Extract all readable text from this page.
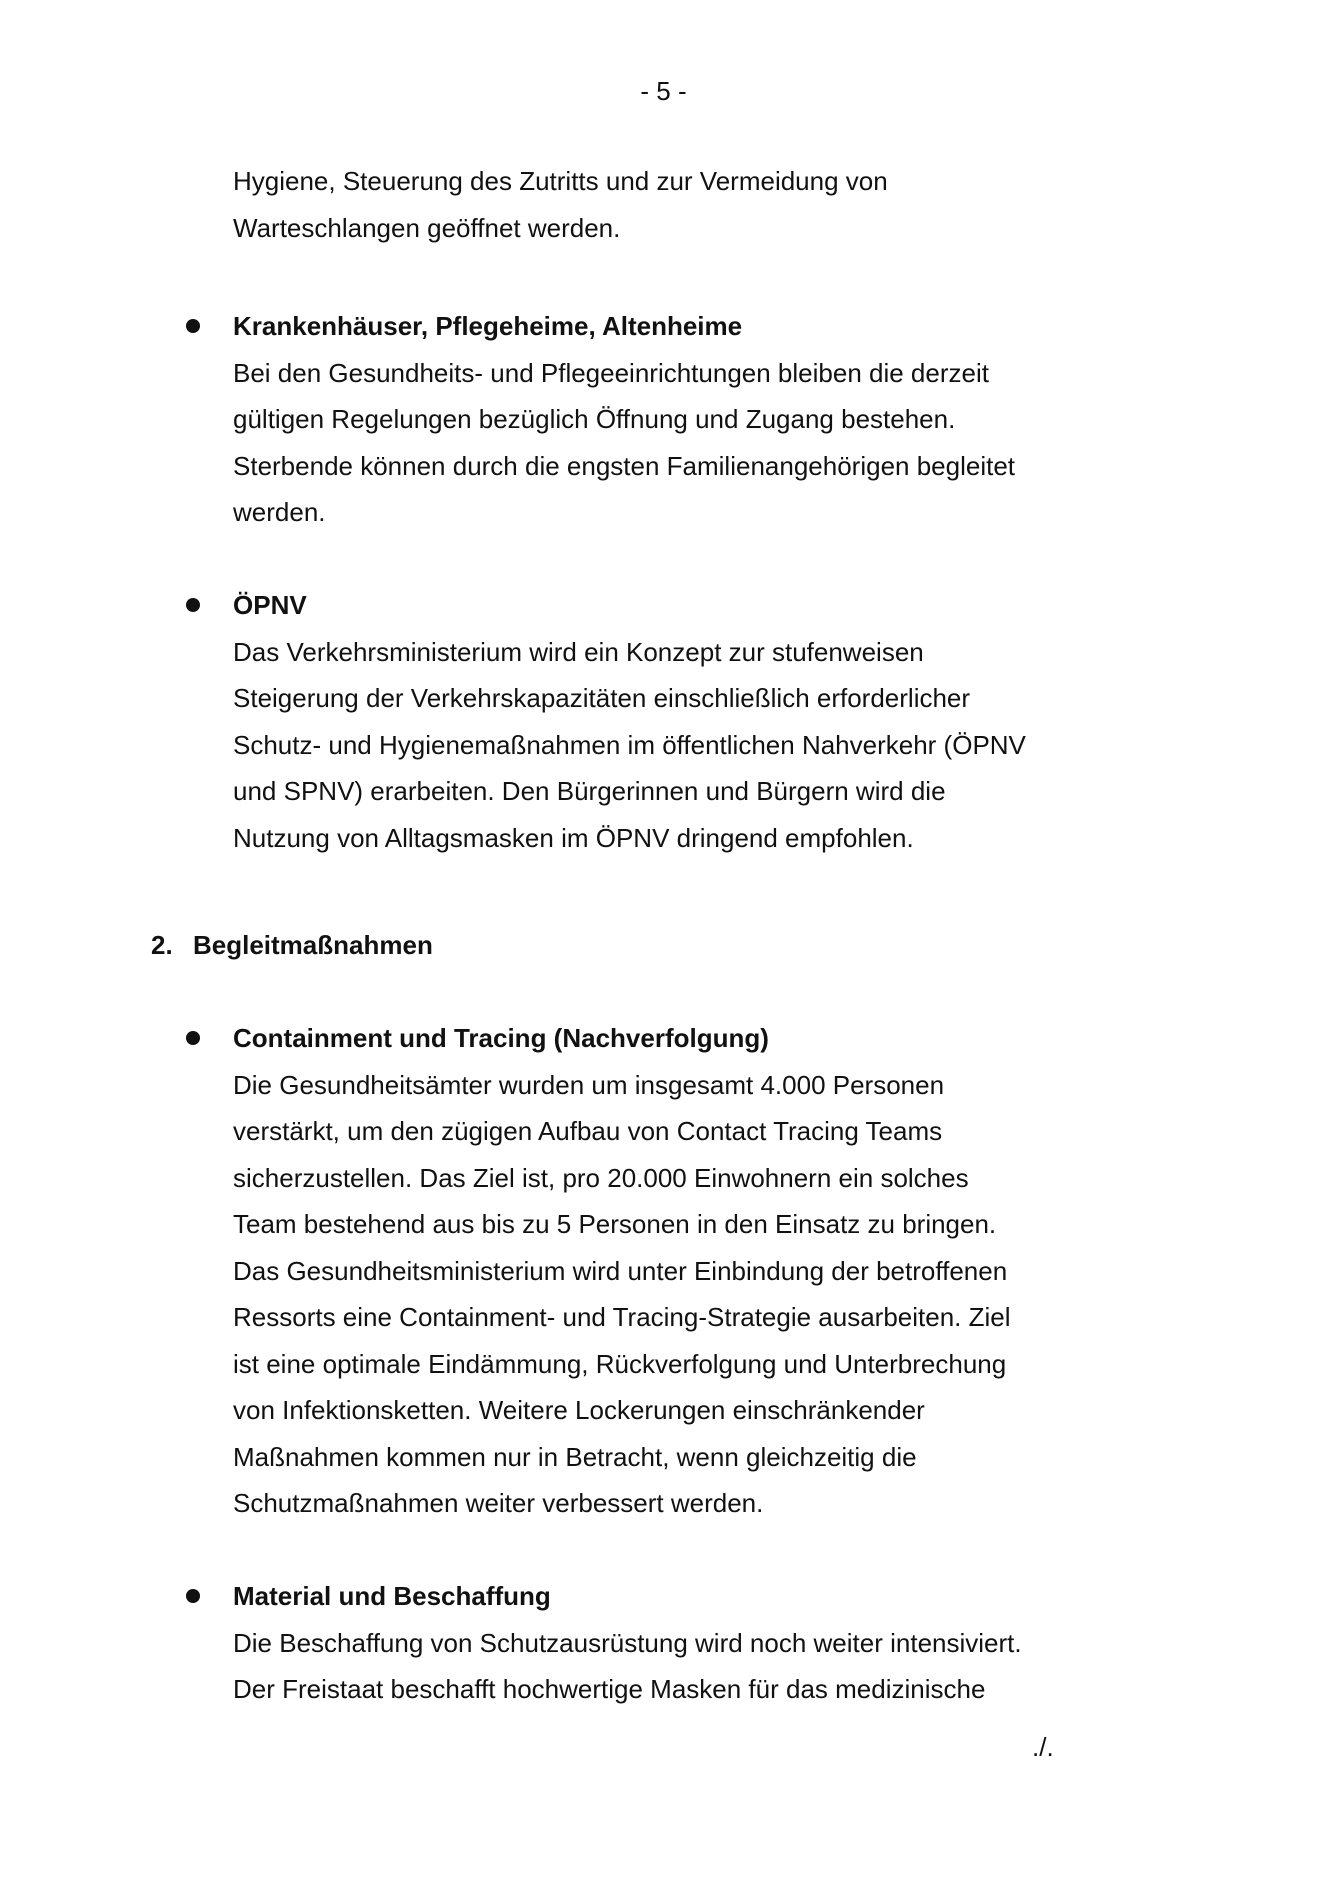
- 5 -
Hygiene, Steuerung des Zutritts und zur Vermeidung von
Warteschlangen geöffnet werden.
Krankenhäuser, Pflegeheime, Altenheime
Bei den Gesundheits- und Pflegeeinrichtungen bleiben die derzeit
gültigen Regelungen bezüglich Öffnung und Zugang bestehen.
Sterbende können durch die engsten Familienangehörigen begleitet
werden.
ÖPNV
Das Verkehrsministerium wird ein Konzept zur stufenweisen
Steigerung der Verkehrskapazitäten einschließlich erforderlicher
Schutz- und Hygienemaßnahmen im öffentlichen Nahverkehr (ÖPNV
und SPNV) erarbeiten. Den Bürgerinnen und Bürgern wird die
Nutzung von Alltagsmasken im ÖPNV dringend empfohlen.
2. Begleitmaßnahmen
Containment und Tracing (Nachverfolgung)
Die Gesundheitsämter wurden um insgesamt 4.000 Personen
verstärkt, um den zügigen Aufbau von Contact Tracing Teams
sicherzustellen. Das Ziel ist, pro 20.000 Einwohnern ein solches
Team bestehend aus bis zu 5 Personen in den Einsatz zu bringen.
Das Gesundheitsministerium wird unter Einbindung der betroffenen
Ressorts eine Containment- und Tracing-Strategie ausarbeiten. Ziel
ist eine optimale Eindämmung, Rückverfolgung und Unterbrechung
von Infektionsketten. Weitere Lockerungen einschränkender
Maßnahmen kommen nur in Betracht, wenn gleichzeitig die
Schutzmaßnahmen weiter verbessert werden.
Material und Beschaffung
Die Beschaffung von Schutzausrüstung wird noch weiter intensiviert.
Der Freistaat beschafft hochwertige Masken für das medizinische
./.
